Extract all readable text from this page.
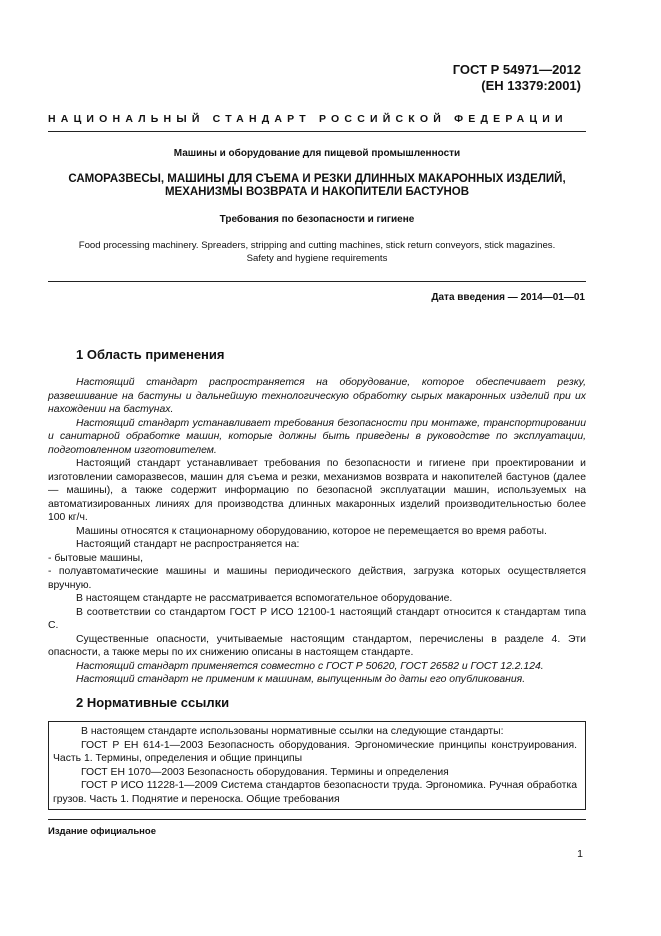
ГОСТ Р 54971—2012
(ЕН 13379:2001)
НАЦИОНАЛЬНЫЙ СТАНДАРТ РОССИЙСКОЙ ФЕДЕРАЦИИ
Машины и оборудование для пищевой промышленности
САМОРАЗВЕСЫ, МАШИНЫ ДЛЯ СЪЕМА И РЕЗКИ ДЛИННЫХ МАКАРОННЫХ ИЗДЕЛИЙ,
МЕХАНИЗМЫ ВОЗВРАТА И НАКОПИТЕЛИ БАСТУНОВ
Требования по безопасности и гигиене
Food processing machinery. Spreaders, stripping and cutting machines, stick return conveyors, stick magazines.
Safety and hygiene requirements
Дата введения — 2014—01—01
1 Область применения

Настоящий стандарт распространяется на оборудование, которое обеспечивает резку, развешивание на бастуны и дальнейшую технологическую обработку сырых макаронных изделий при их нахождении на бастунах.

Настоящий стандарт устанавливает требования безопасности при монтаже, транспортировании и санитарной обработке машин, которые должны быть приведены в руководстве по эксплуатации, подготовленном изготовителем.

Настоящий стандарт устанавливает требования по безопасности и гигиене при проектировании и изготовлении саморазвесов, машин для съема и резки, механизмов возврата и накопителей бастунов (далее — машины), а также содержит информацию по безопасной эксплуатации машин, используемых на автоматизированных линиях для производства длинных макаронных изделий производительностью более 100 кг/ч.

Машины относятся к стационарному оборудованию, которое не перемещается во время работы.

Настоящий стандарт не распространяется на:

- бытовые машины,

- полуавтоматические машины и машины периодического действия, загрузка которых осуществляется вручную.

В настоящем стандарте не рассматривается вспомогательное оборудование.

В соответствии со стандартом ГОСТ Р ИСО 12100-1 настоящий стандарт относится к стандартам типа С.

Существенные опасности, учитываемые настоящим стандартом, перечислены в разделе 4. Эти опасности, а также меры по их снижению описаны в настоящем стандарте.

Настоящий стандарт применяется совместно с ГОСТ Р 50620, ГОСТ 26582 и ГОСТ 12.2.124.

Настоящий стандарт не применим к машинам, выпущенным до даты его опубликования.

2 Нормативные ссылки

В настоящем стандарте использованы нормативные ссылки на следующие стандарты:

ГОСТ Р ЕН 614-1—2003 Безопасность оборудования. Эргономические принципы конструирования. Часть 1. Термины, определения и общие принципы

ГОСТ ЕН 1070—2003 Безопасность оборудования. Термины и определения

ГОСТ Р ИСО 11228-1—2009 Система стандартов безопасности труда. Эргономика. Ручная обработка грузов. Часть 1. Поднятие и переноска. Общие требования

Издание официальное
1
